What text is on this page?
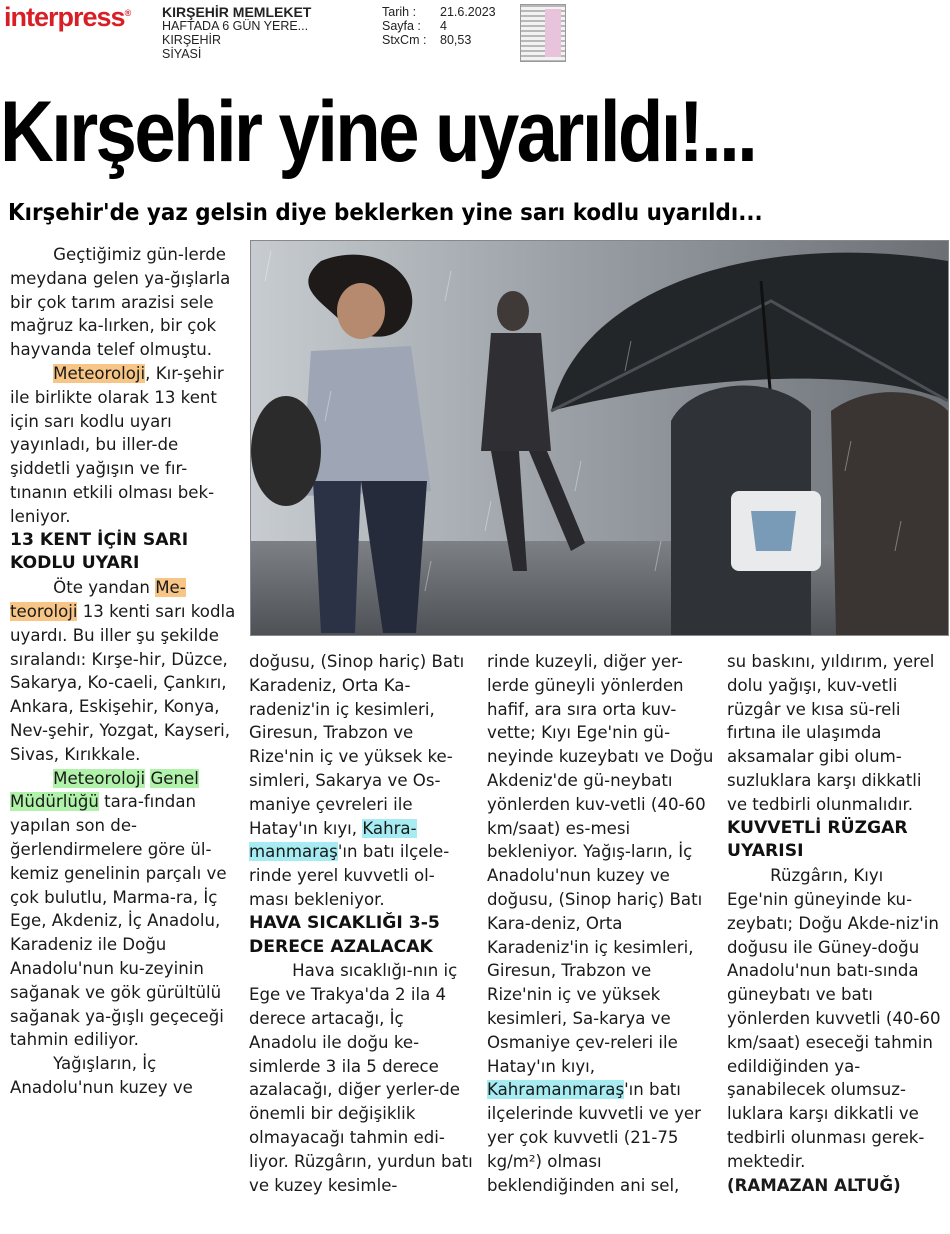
interpress® KIRŞEHİR MEMLEKET
HAFTADA 6 GÜN YERE...
KIRŞEHİR
SİYASİ
Tarih :	21.6.2023
Sayfa :	4
StxCm :	80,53
Kırşehir yine uyarıldı!...
Kırşehir'de yaz gelsin diye beklerken yine sarı kodlu uyarıldı...

Geçtiğimiz gün-lerde meydana gelen ya-ğışlarla bir çok tarım arazisi sele mağruz ka-lırken, bir çok hayvanda telef olmuştu.

Meteoroloji, Kır-şehir ile birlikte olarak 13 kent için sarı kodlu uyarı yayınladı, bu iller-de şiddetli yağışın ve fır-tınanın etkili olması bek-leniyor.

13 KENT İÇİN SARI KODLU UYARI

Öte yandan Me-teoroloji 13 kenti sarı kodla uyardı. Bu iller şu şekilde sıralandı: Kırşe-hir, Düzce, Sakarya, Ko-caeli, Çankırı, Ankara, Eskişehir, Konya, Nev-şehir, Yozgat, Kayseri, Sivas, Kırıkkale.

Meteoroloji Genel Müdürlüğü tara-fından yapılan son de-ğerlendirmelere göre ül-kemiz genelinin parçalı ve çok bulutlu, Marma-ra, İç Ege, Akdeniz, İç Anadolu, Karadeniz ile Doğu Anadolu'nun ku-zeyinin sağanak ve gök gürültülü sağanak ya-ğışlı geçeceği tahmin ediliyor.

Yağışların, İç Anadolu'nun kuzey ve

doğusu, (Sinop hariç) Batı Karadeniz, Orta Ka-radeniz'in iç kesimleri, Giresun, Trabzon ve Rize'nin iç ve yüksek ke-simleri, Sakarya ve Os-maniye çevreleri ile Hatay'ın kıyı, Kahra-manmaraş'ın batı ilçele-rinde yerel kuvvetli ol-ması bekleniyor.

HAVA SICAKLIĞI 3-5 DERECE AZALACAK

Hava sıcaklığı-nın iç Ege ve Trakya'da 2 ila 4 derece artacağı, İç Anadolu ile doğu ke-simlerde 3 ila 5 derece azalacağı, diğer yerler-de önemli bir değişiklik olmayacağı tahmin edi-liyor. Rüzgârın, yurdun batı ve kuzey kesimle-

rinde kuzeyli, diğer yer-lerde güneyli yönlerden hafif, ara sıra orta kuv-vette; Kıyı Ege'nin gü-neyinde kuzeybatı ve Doğu Akdeniz'de gü-neybatı yönlerden kuv-vetli (40-60 km/saat) es-mesi bekleniyor. Yağış-ların, İç Anadolu'nun kuzey ve doğusu, (Sinop hariç) Batı Kara-deniz, Orta Karadeniz'in iç kesimleri, Giresun, Trabzon ve Rize'nin iç ve yüksek kesimleri, Sa-karya ve Osmaniye çev-releri ile Hatay'ın kıyı, Kahramanmaraş'ın batı ilçelerinde kuvvetli ve yer yer çok kuvvetli (21-75 kg/m²) olması beklendiğinden ani sel,

su baskını, yıldırım, yerel dolu yağışı, kuv-vetli rüzgâr ve kısa sü-reli fırtına ile ulaşımda aksamalar gibi olum-suzluklara karşı dikkatli ve tedbirli olunmalıdır.

KUVVETLİ RÜZGAR UYARISI

Rüzgârın, Kıyı Ege'nin güneyinde ku-zeybatı; Doğu Akde-niz'in doğusu ile Güney-doğu Anadolu'nun batı-sında güneybatı ve batı yönlerden kuvvetli (40-60 km/saat) eseceği tahmin edildiğinden ya-şanabilecek olumsuz-luklara karşı dikkatli ve tedbirli olunması gerek-mektedir.

(RAMAZAN ALTUĞ)
